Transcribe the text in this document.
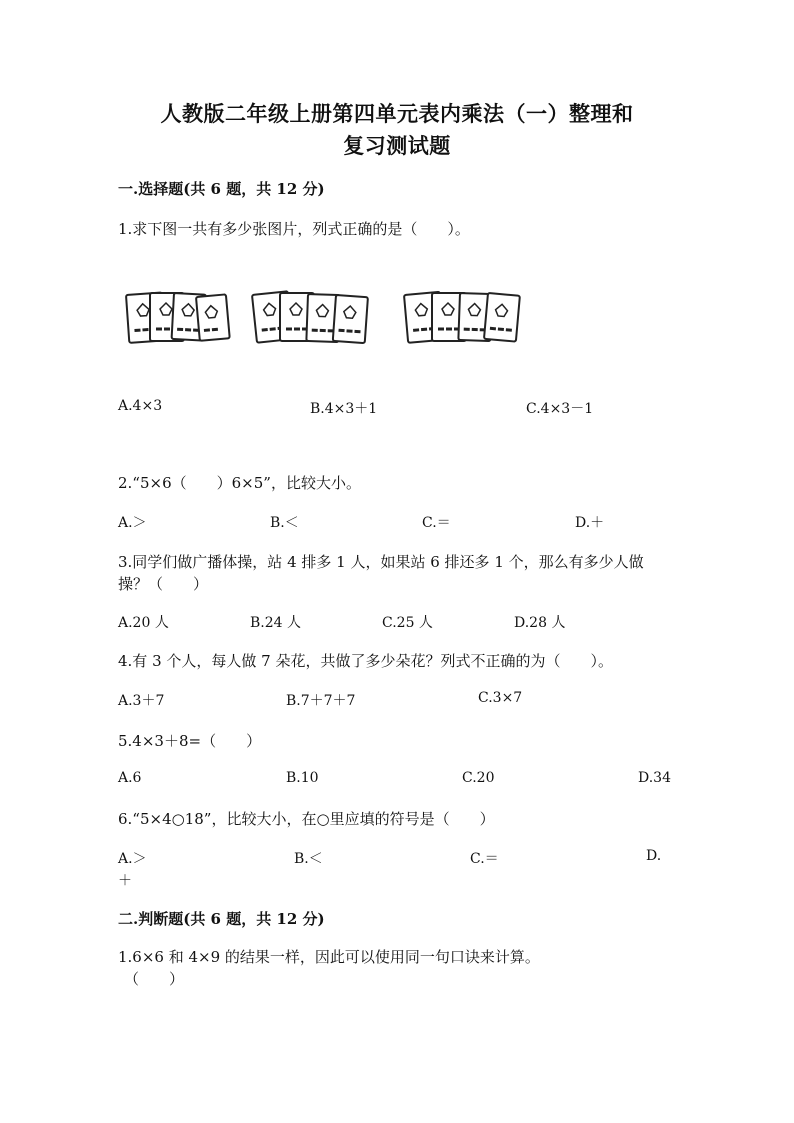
人教版二年级上册第四单元表内乘法（一）整理和
复习测试题
一.选择题(共 6 题，共 12 分)
1.求下图一共有多少张图片，列式正确的是（　　）。
A.4×3	B.4×3＋1	C.4×3－1
2.“5×6（　　）6×5”，比较大小。
A.＞	B.＜	C.＝	D.＋
3.同学们做广播体操，站 4 排多 1 人，如果站 6 排还多 1 个，那么有多少人做
操？（　　）
A.20 人	B.24 人	C.25 人	D.28 人
4.有 3 个人，每人做 7 朵花，共做了多少朵花？列式不正确的为（　　）。
A.3＋7	B.7＋7＋7	C.3×7
5.4×3＋8=（　　）
A.6	B.10	C.20	D.34
6.“5×4○18”，比较大小，在○里应填的符号是（　　）
A.＞	B.＜	C.＝	D.
＋
二.判断题(共 6 题，共 12 分)
1.6×6 和 4×9 的结果一样，因此可以使用同一句口诀来计算。
（　　）
